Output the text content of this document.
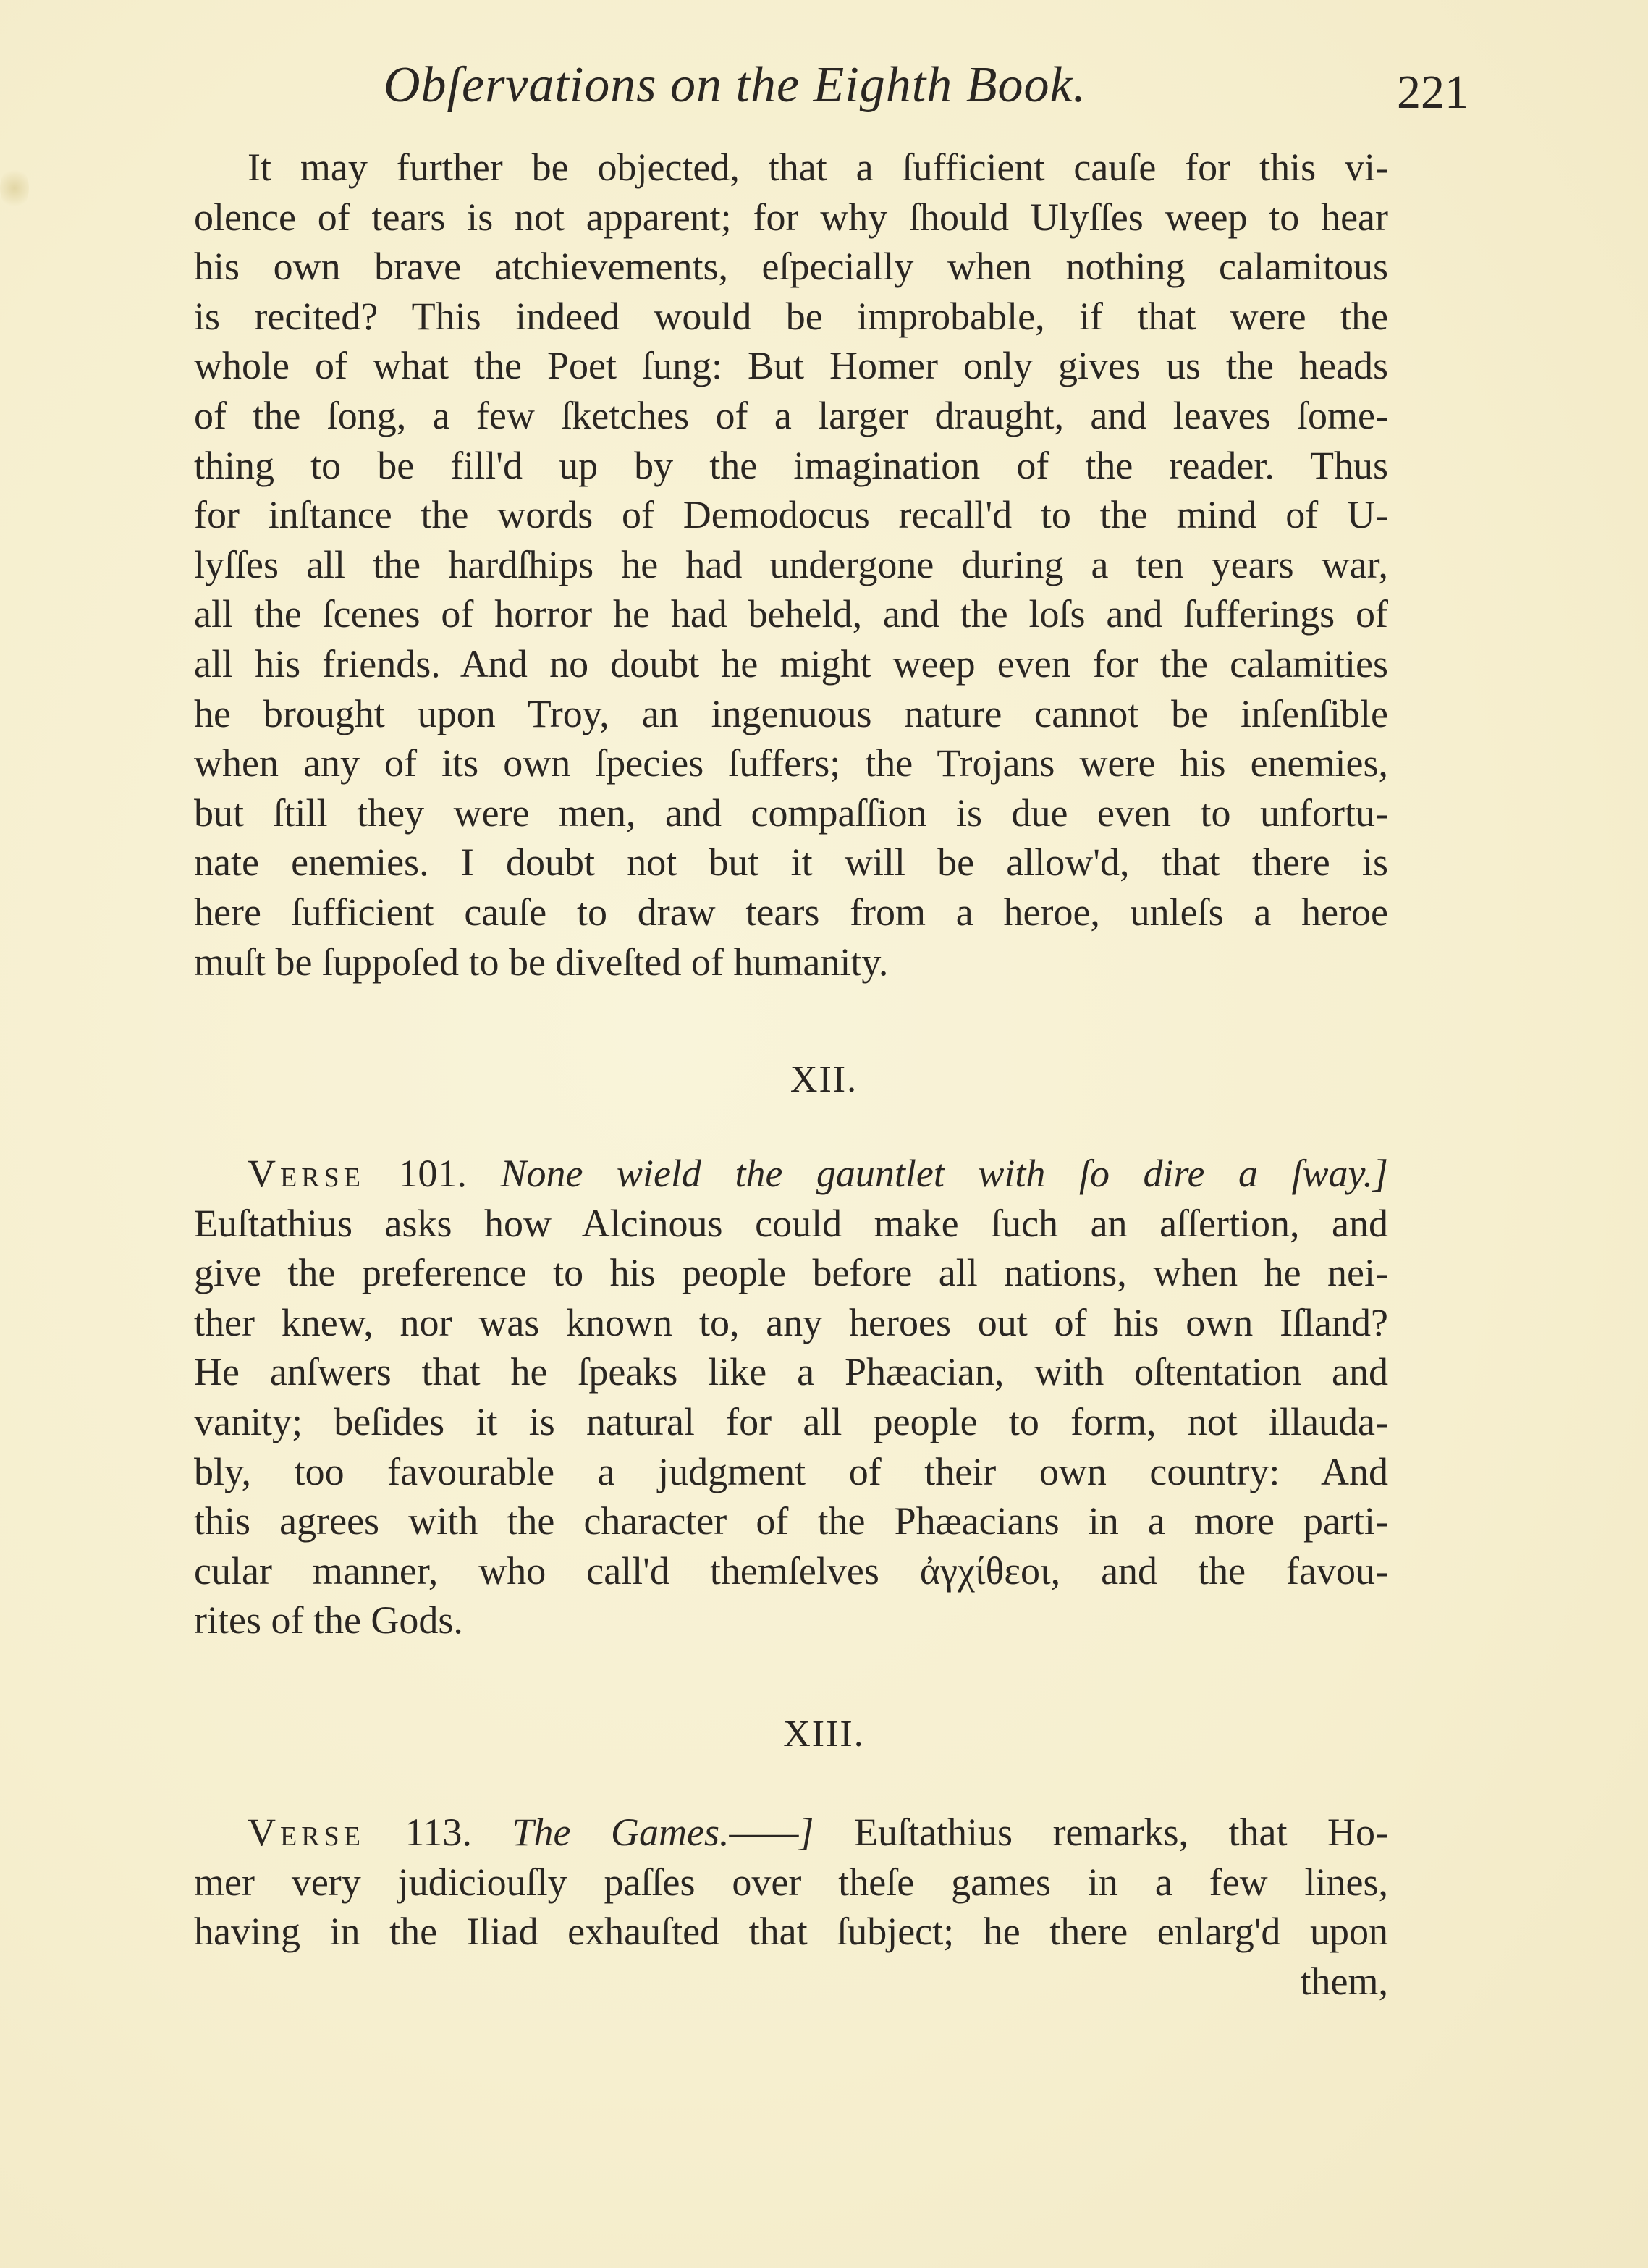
Obſervations on the Eighth Book.	221
It may further be objected, that a ſufficient cauſe for this vi-
olence of tears is not apparent; for why ſhould Ulyſſes weep to hear
his own brave atchievements, eſpecially when nothing calamitous
is recited? This indeed would be improbable, if that were the
whole of what the Poet ſung: But Homer only gives us the heads
of the ſong, a few ſketches of a larger draught, and leaves ſome-
thing to be fill'd up by the imagination of the reader. Thus
for inſtance the words of Demodocus recall'd to the mind of U-
lyſſes all the hardſhips he had undergone during a ten years war,
all the ſcenes of horror he had beheld, and the loſs and ſufferings of
all his friends. And no doubt he might weep even for the calamities
he brought upon Troy, an ingenuous nature cannot be inſenſible
when any of its own ſpecies ſuffers; the Trojans were his enemies,
but ſtill they were men, and compaſſion is due even to unfortu-
nate enemies. I doubt not but it will be allow'd, that there is
here ſufficient cauſe to draw tears from a heroe, unleſs a heroe
muſt be ſuppoſed to be diveſted of humanity.
XII.
Verse 101. None wield the gauntlet with ſo dire a ſway.]
Euſtathius asks how Alcinous could make ſuch an aſſertion, and
give the preference to his people before all nations, when he nei-
ther knew, nor was known to, any heroes out of his own Iſland?
He anſwers that he ſpeaks like a Phæacian, with oſtentation and
vanity; beſides it is natural for all people to form, not illauda-
bly, too favourable a judgment of their own country: And
this agrees with the character of the Phæacians in a more parti-
cular manner, who call'd themſelves ἀγχίθεοι, and the favou-
rites of the Gods.
XIII.
Verse 113. The Games.——] Euſtathius remarks, that Ho-
mer very judiciouſly paſſes over theſe games in a few lines,
having in the Iliad exhauſted that ſubject; he there enlarg'd upon
them,
